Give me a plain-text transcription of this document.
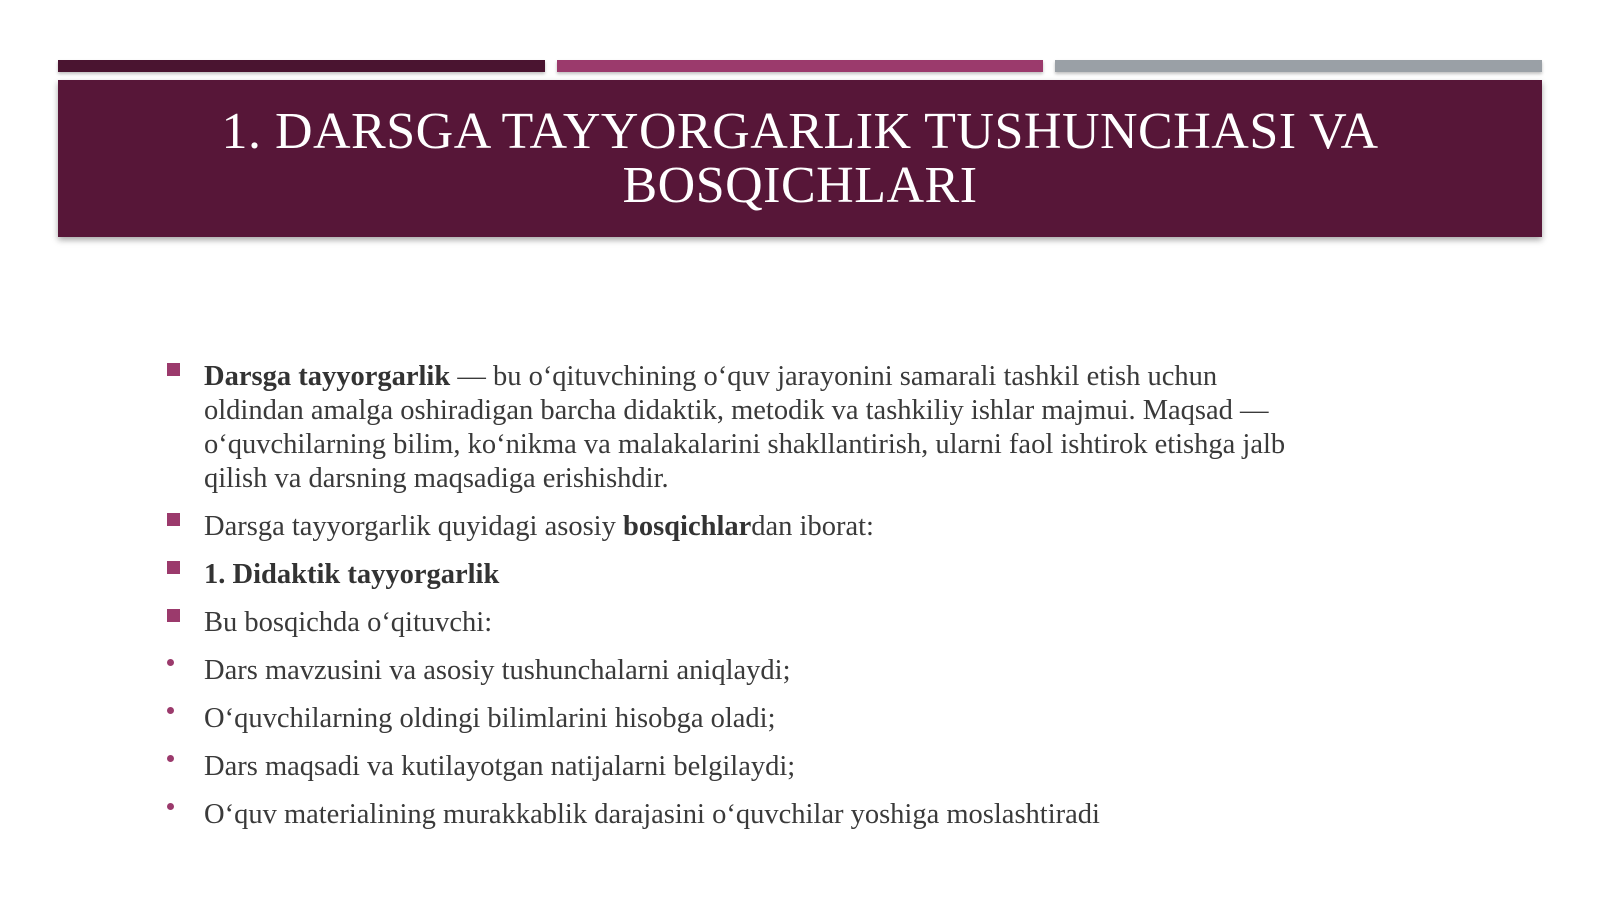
1. DARSGA TAYYORGARLIK TUSHUNCHASI VA
BOSQICHLARI
Darsga tayyorgarlik — bu o‘qituvchining o‘quv jarayonini samarali tashkil etish uchun oldindan amalga oshiradigan barcha didaktik, metodik va tashkiliy ishlar majmui. Maqsad — o‘quvchilarning bilim, ko‘nikma va malakalarini shakllantirish, ularni faol ishtirok etishga jalb qilish va darsning maqsadiga erishishdir.
Darsga tayyorgarlik quyidagi asosiy bosqichlardan iborat:
1. Didaktik tayyorgarlik
Bu bosqichda o‘qituvchi:
Dars mavzusini va asosiy tushunchalarni aniqlaydi;
O‘quvchilarning oldingi bilimlarini hisobga oladi;
Dars maqsadi va kutilayotgan natijalarni belgilaydi;
O‘quv materialining murakkablik darajasini o‘quvchilar yoshiga moslashtiradi
